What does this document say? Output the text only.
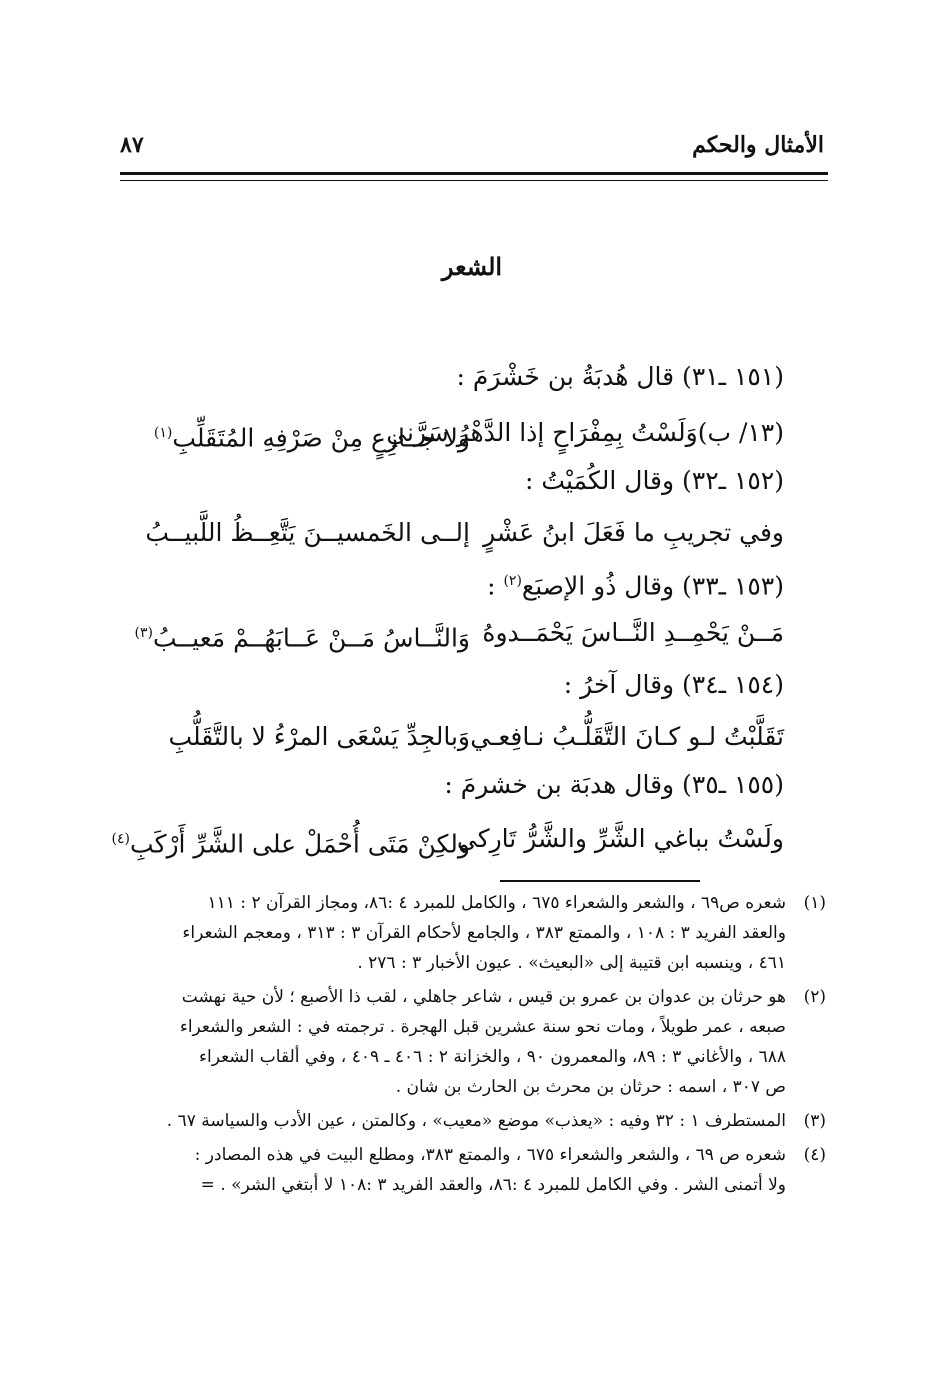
الأمثال والحكم
٨٧
الشعر
(١٥١ ـ٣١) قال هُدبَةُ بن خَشْرَمَ :
(١٣/ ب)وَلَسْتُ بِمِفْرَاحٍ إذا الدَّهْرُ سَرَّني
وَلا جــازِعٍ مِنْ صَرْفِهِ المُتَقَلِّبِ$^{(١)}$
(١٥٢ ـ٣٢) وقال الكُمَيْتُ :
وفي تجريبِ ما فَعَلَ ابنُ عَشْرٍ
إلــى الخَمسيــنَ يَتَّعِــظُ اللَّبيــبُ
(١٥٣ ـ٣٣) وقال ذُو الإصبَع$^{(٢)}$ :
مَــنْ يَحْمِــدِ النَّــاسَ يَحْمَــدوهُ
وَالنَّــاسُ مَــنْ عَــابَهُــمْ مَعيــبُ$^{(٣)}$
(١٥٤ ـ٣٤) وقال آخرُ :
تَقَلَّبْتُ لـو كـانَ التَّقَلُّـبُ نـافِعـي
وَبالجِدِّ يَسْعَى المرْءُ لا بالتَّقَلُّبِ
(١٥٥ ـ٣٥) وقال هدبَة بن خشرمَ :
ولَسْتُ بباغي الشَّرِّ والشَّرُّ تَارِكي
ولكِنْ مَتَى أُحْمَلْ على الشَّرِّ أَرْكَبِ$^{(٤)}$
(١)
شعره ص٦٩ ، والشعر والشعراء ٦٧٥ ، والكامل للمبرد ٤ :٨٦، ومجاز القرآن ٢ : ١١١
والعقد الفريد ٣ : ١٠٨ ، والممتع ٣٨٣ ، والجامع لأحكام القرآن ٣ : ٣١٣ ، ومعجم الشعراء
٤٦١ ، وينسبه ابن قتيبة إلى «البعيث» . عيون الأخبار ٣ : ٢٧٦ .
(٢)
هو حرثان بن عدوان بن عمرو بن قيس ، شاعر جاهلي ، لقب ذا الأصبع ؛ لأن حية نهشت
صبعه ، عمر طويلاً ، ومات نحو سنة عشرين قبل الهجرة . ترجمته في : الشعر والشعراء
٦٨٨ ، والأغاني ٣ : ٨٩، والمعمرون ٩٠ ، والخزانة ٢ : ٤٠٦ ـ ٤٠٩ ، وفي ألقاب الشعراء
ص ٣٠٧ ، اسمه : حرثان بن محرث بن الحارث بن شان .
(٣)
المستطرف ١ : ٣٢ وفيه : «يعذب» موضع «معيب» ، وكالمتن ، عين الأدب والسياسة ٦٧ .
(٤)
شعره ص ٦٩ ، والشعر والشعراء ٦٧٥ ، والممتع ٣٨٣، ومطلع البيت في هذه المصادر :
ولا أتمنى الشر . وفي الكامل للمبرد ٤ :٨٦، والعقد الفريد ٣ :١٠٨ لا أبتغي الشر» . =
